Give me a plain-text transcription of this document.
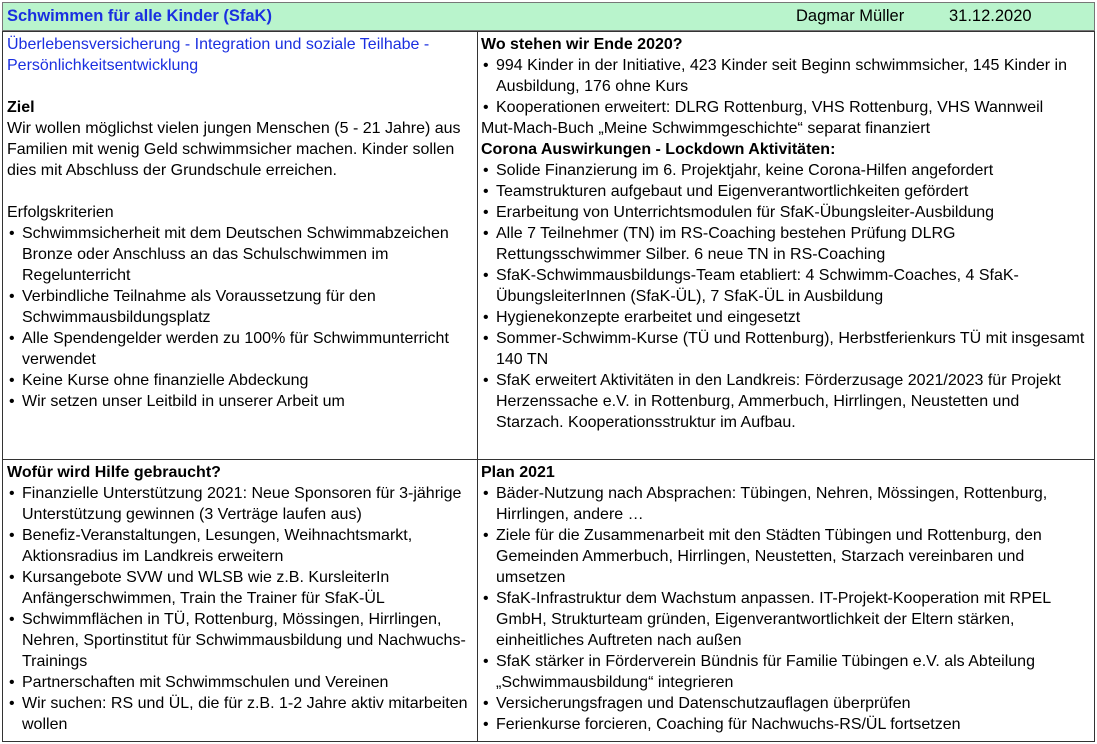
Schwimmen für alle Kinder (SfaK)	Dagmar Müller	31.12.2020

Überlebensversicherung - Integration und soziale Teilhabe - Persönlichkeitsentwicklung

Ziel

Wir wollen möglichst vielen jungen Menschen (5 - 21 Jahre) aus Familien mit wenig Geld schwimmsicher machen. Kinder sollen dies mit Abschluss der Grundschule erreichen.

Erfolgskriterien

• Schwimmsicherheit mit dem Deutschen Schwimmabzeichen Bronze oder Anschluss an das Schulschwimmen im Regelunterricht
• Verbindliche Teilnahme als Voraussetzung für den Schwimmausbildungsplatz
• Alle Spendengelder werden zu 100% für Schwimmunterricht verwendet
• Keine Kurse ohne finanzielle Abdeckung
• Wir setzen unser Leitbild in unserer Arbeit um

Wo stehen wir Ende 2020?

• 994 Kinder in der Initiative, 423 Kinder seit Beginn schwimmsicher, 145 Kinder in Ausbildung, 176 ohne Kurs
• Kooperationen erweitert: DLRG Rottenburg, VHS Rottenburg, VHS Wannweil

Mut-Mach-Buch „Meine Schwimmgeschichte“ separat finanziert

Corona Auswirkungen - Lockdown Aktivitäten:

• Solide Finanzierung im 6. Projektjahr, keine Corona-Hilfen angefordert
• Teamstrukturen aufgebaut und Eigenverantwortlichkeiten gefördert
• Erarbeitung von Unterrichtsmodulen für SfaK-Übungsleiter-Ausbildung
• Alle 7 Teilnehmer (TN) im RS-Coaching bestehen Prüfung DLRG Rettungsschwimmer Silber. 6 neue TN in RS-Coaching
• SfaK-Schwimmausbildungs-Team etabliert: 4 Schwimm-Coaches, 4 SfaK-ÜbungsleiterInnen (SfaK-ÜL), 7 SfaK-ÜL in Ausbildung
• Hygienekonzepte erarbeitet und eingesetzt
• Sommer-Schwimm-Kurse (TÜ und Rottenburg), Herbstferienkurs TÜ mit insgesamt 140 TN
• SfaK erweitert Aktivitäten in den Landkreis: Förderzusage 2021/2023 für Projekt Herzenssache e.V. in Rottenburg, Ammerbuch, Hirrlingen, Neustetten und Starzach. Kooperationsstruktur im Aufbau.

Wofür wird Hilfe gebraucht?

• Finanzielle Unterstützung 2021: Neue Sponsoren für 3-jährige Unterstützung gewinnen (3 Verträge laufen aus)
• Benefiz-Veranstaltungen, Lesungen, Weihnachtsmarkt, Aktionsradius im Landkreis erweitern
• Kursangebote SVW und WLSB wie z.B. KursleiterIn Anfängerschwimmen, Train the Trainer für SfaK-ÜL
• Schwimmflächen in TÜ, Rottenburg, Mössingen, Hirrlingen, Nehren, Sportinstitut für Schwimmausbildung und Nachwuchs-Trainings
• Partnerschaften mit Schwimmschulen und Vereinen
• Wir suchen: RS und ÜL, die für z.B. 1-2 Jahre aktiv mitarbeiten wollen

Plan 2021

• Bäder-Nutzung nach Absprachen: Tübingen, Nehren, Mössingen, Rottenburg, Hirrlingen, andere …
• Ziele für die Zusammenarbeit mit den Städten Tübingen und Rottenburg, den Gemeinden Ammerbuch, Hirrlingen, Neustetten, Starzach vereinbaren und umsetzen
• SfaK-Infrastruktur dem Wachstum anpassen. IT-Projekt-Kooperation mit RPEL GmbH, Strukturteam gründen, Eigenverantwortlichkeit der Eltern stärken, einheitliches Auftreten nach außen
• SfaK stärker in Förderverein Bündnis für Familie Tübingen e.V. als Abteilung „Schwimmausbildung“ integrieren
• Versicherungsfragen und Datenschutzauflagen überprüfen
• Ferienkurse forcieren, Coaching für Nachwuchs-RS/ÜL fortsetzen
